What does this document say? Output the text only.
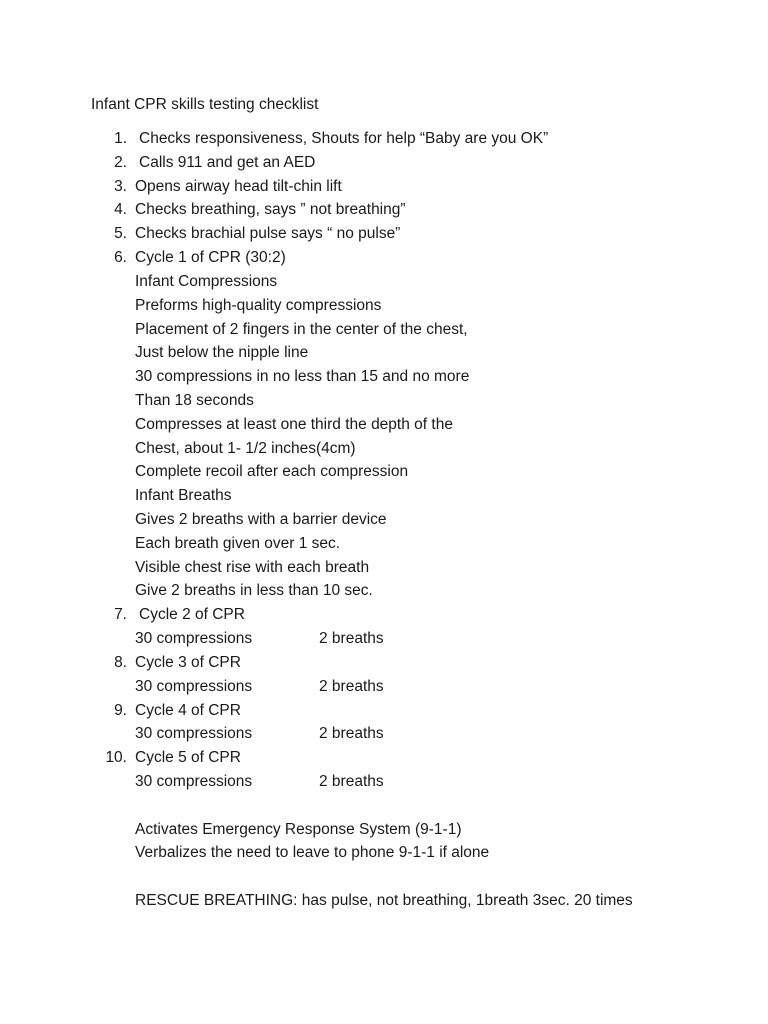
Infant CPR skills testing checklist
1. Checks responsiveness, Shouts for help “Baby are you OK”
2. Calls 911 and get an AED
3. Opens airway head tilt-chin lift
4. Checks breathing, says ” not breathing”
5. Checks brachial pulse says “ no pulse”
6. Cycle 1 of CPR (30:2)
Infant Compressions
Preforms high-quality compressions
Placement of 2 fingers in the center of the chest,
Just below the nipple line
30 compressions in no less than 15 and no more
Than 18 seconds
Compresses at least one third the depth of the
Chest, about 1- 1/2 inches(4cm)
Complete recoil after each compression
Infant Breaths
Gives 2 breaths with a barrier device
Each breath given over 1 sec.
Visible chest rise with each breath
Give 2 breaths in less than 10 sec.
7. Cycle 2 of CPR
30 compressions	2 breaths
8. Cycle 3 of CPR
30 compressions	2 breaths
9. Cycle 4 of CPR
30 compressions	2 breaths
10. Cycle 5 of CPR
30 compressions	2 breaths
Activates Emergency Response System (9-1-1)
Verbalizes the need to leave to phone 9-1-1 if alone
RESCUE BREATHING: has pulse, not breathing, 1breath 3sec. 20 times
